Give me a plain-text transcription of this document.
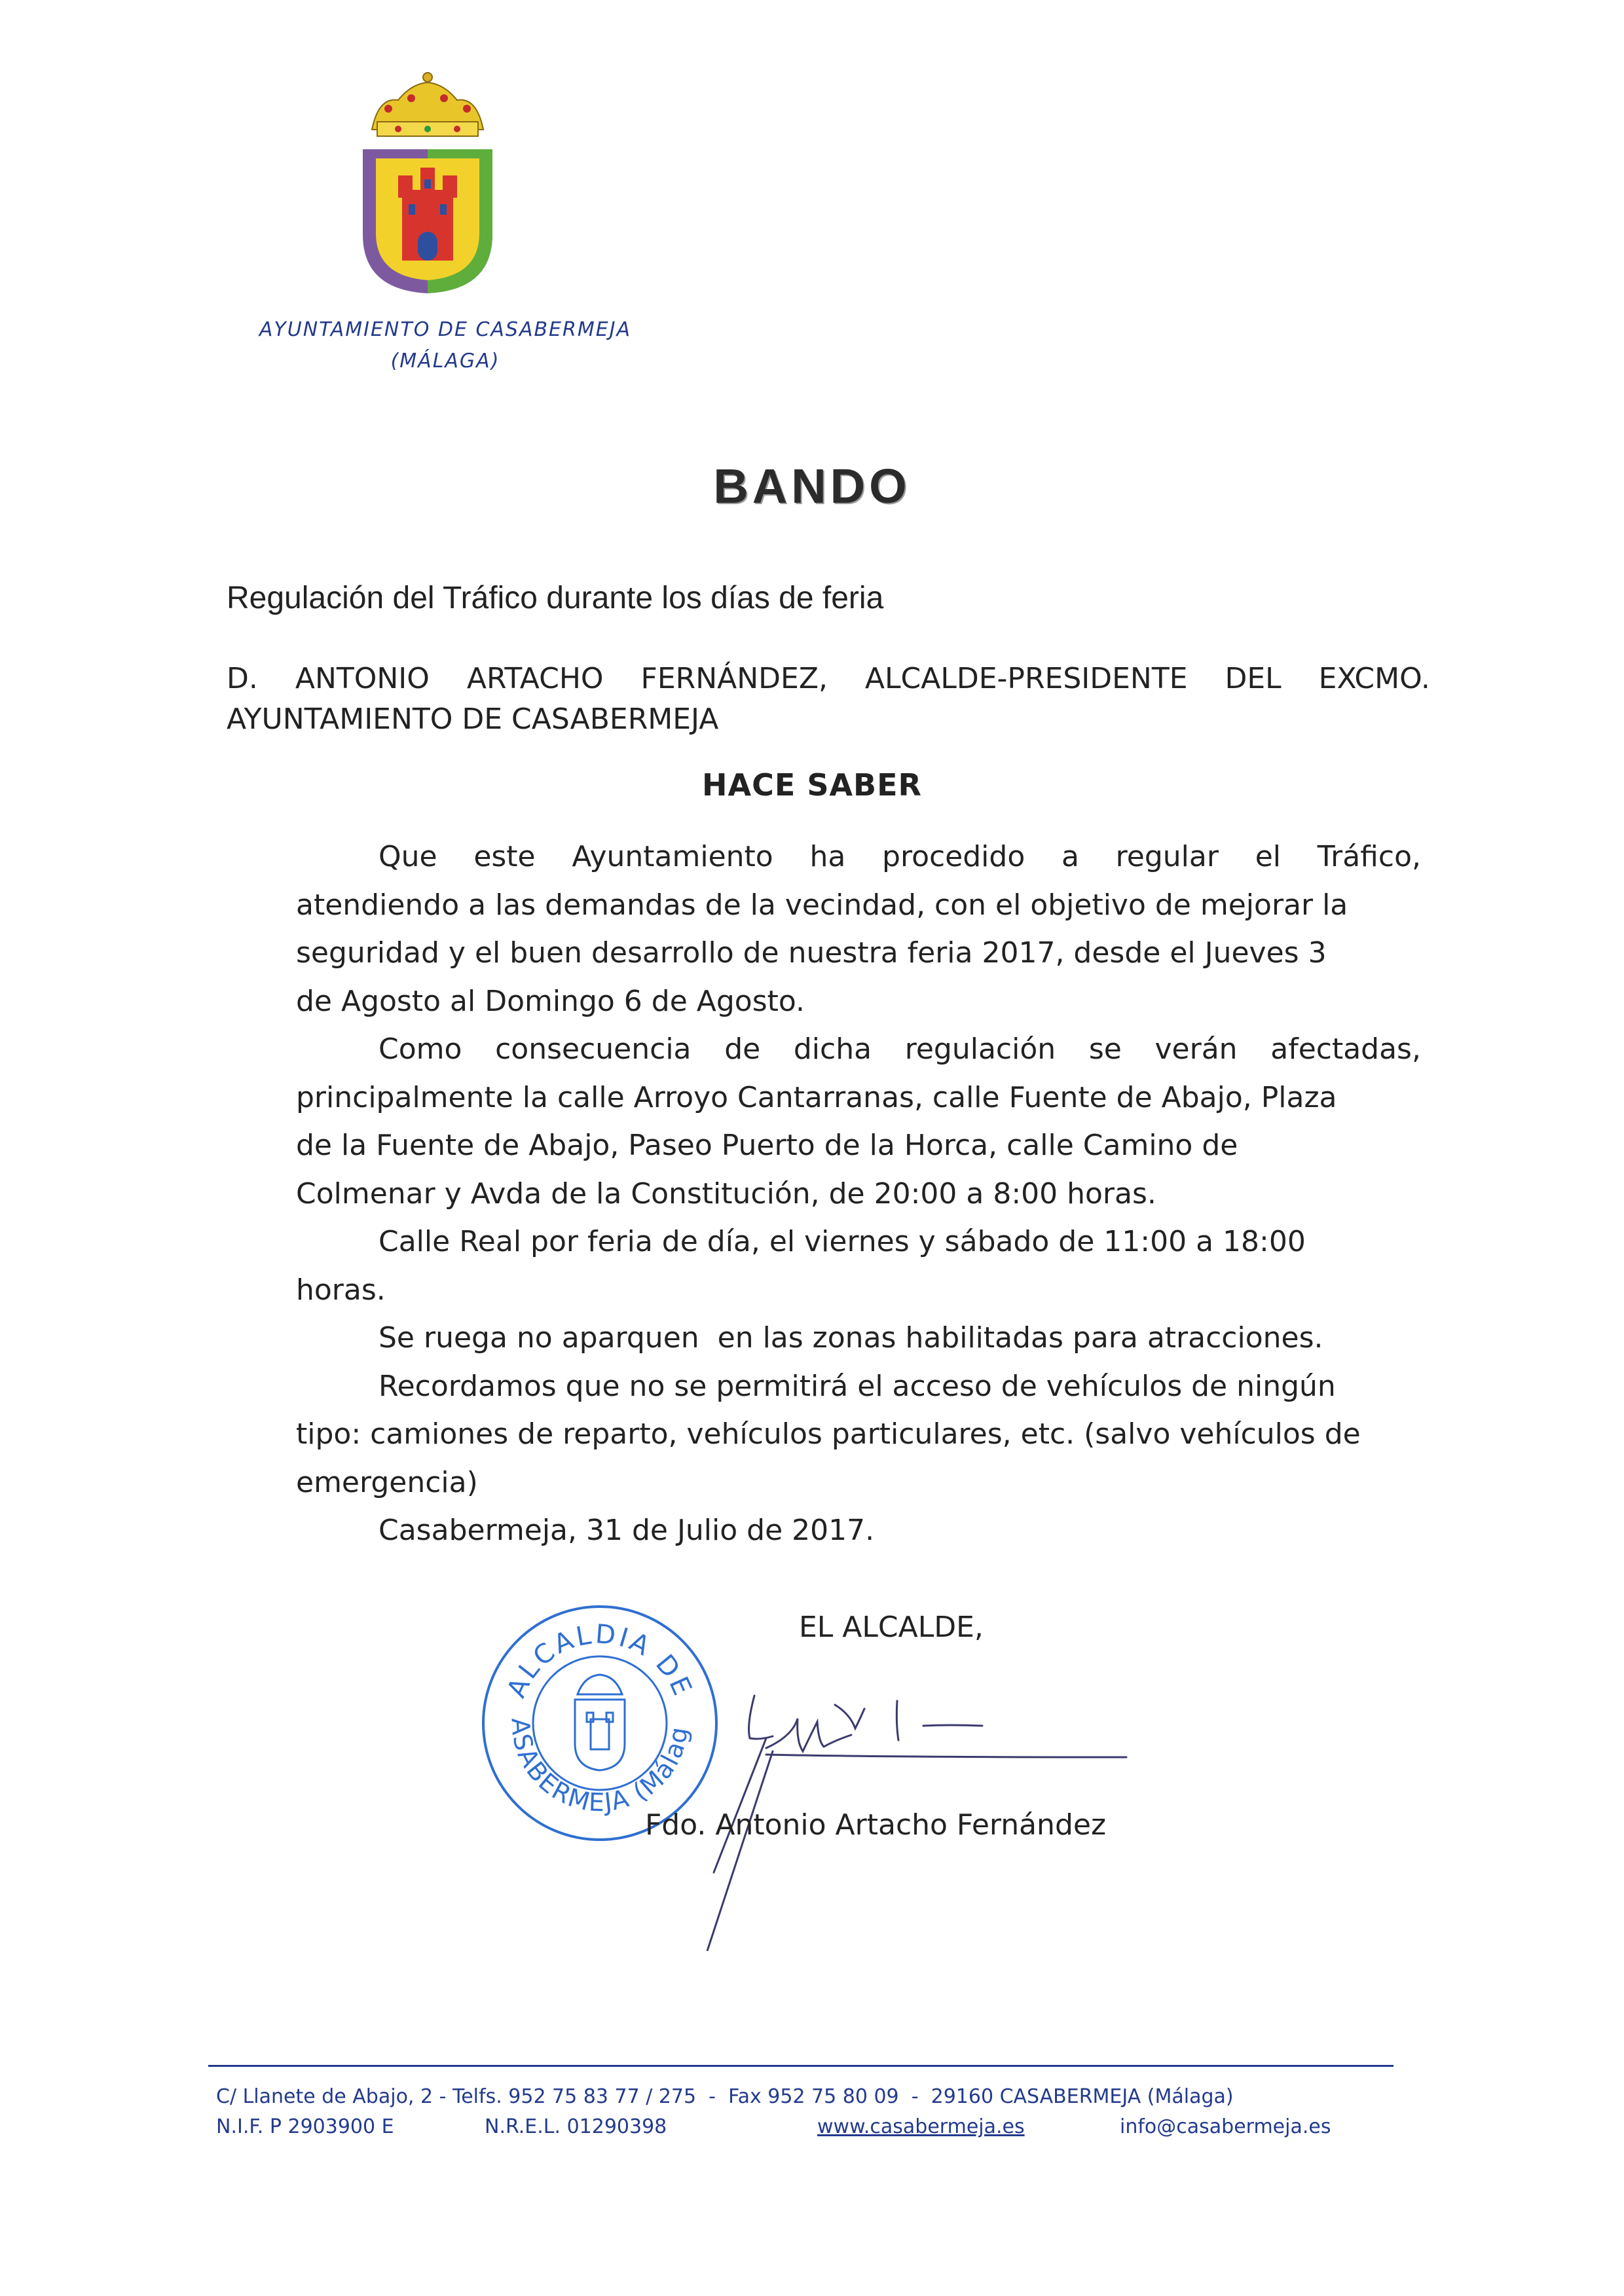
AYUNTAMIENTO DE CASABERMEJA
(MÁLAGA)
BANDO
Regulación del Tráfico durante los días de feria
D. ANTONIO ARTACHO FERNÁNDEZ, ALCALDE-PRESIDENTE DEL EXCMO.
AYUNTAMIENTO DE CASABERMEJA
HACE SABER
Que este Ayuntamiento ha procedido a regular el Tráfico,
atendiendo a las demandas de la vecindad, con el objetivo de mejorar la
seguridad y el buen desarrollo de nuestra feria 2017, desde el Jueves 3
de Agosto al Domingo 6 de Agosto.
Como consecuencia de dicha regulación se verán afectadas,
principalmente la calle Arroyo Cantarranas, calle Fuente de Abajo, Plaza
de la Fuente de Abajo, Paseo Puerto de la Horca, calle Camino de
Colmenar y Avda de la Constitución, de 20:00 a 8:00 horas.
Calle Real por feria de día, el viernes y sábado de 11:00 a 18:00
horas.
Se ruega no aparquen  en las zonas habilitadas para atracciones.
Recordamos que no se permitirá el acceso de vehículos de ningún
tipo: camiones de reparto, vehículos particulares, etc. (salvo vehículos de
emergencia)
Casabermeja, 31 de Julio de 2017.
ALCALDIA DE
ASABERMEJA (Málag
EL ALCALDE,
Fdo. Antonio Artacho Fernández
C/ Llanete de Abajo, 2 - Telfs. 952 75 83 77 / 275  -  Fax 952 75 80 09  -  29160 CASABERMEJA (Málaga)
N.I.F. P 2903900 E	N.R.E.L. 01290398	www.casabermeja.es	info@casabermeja.es
